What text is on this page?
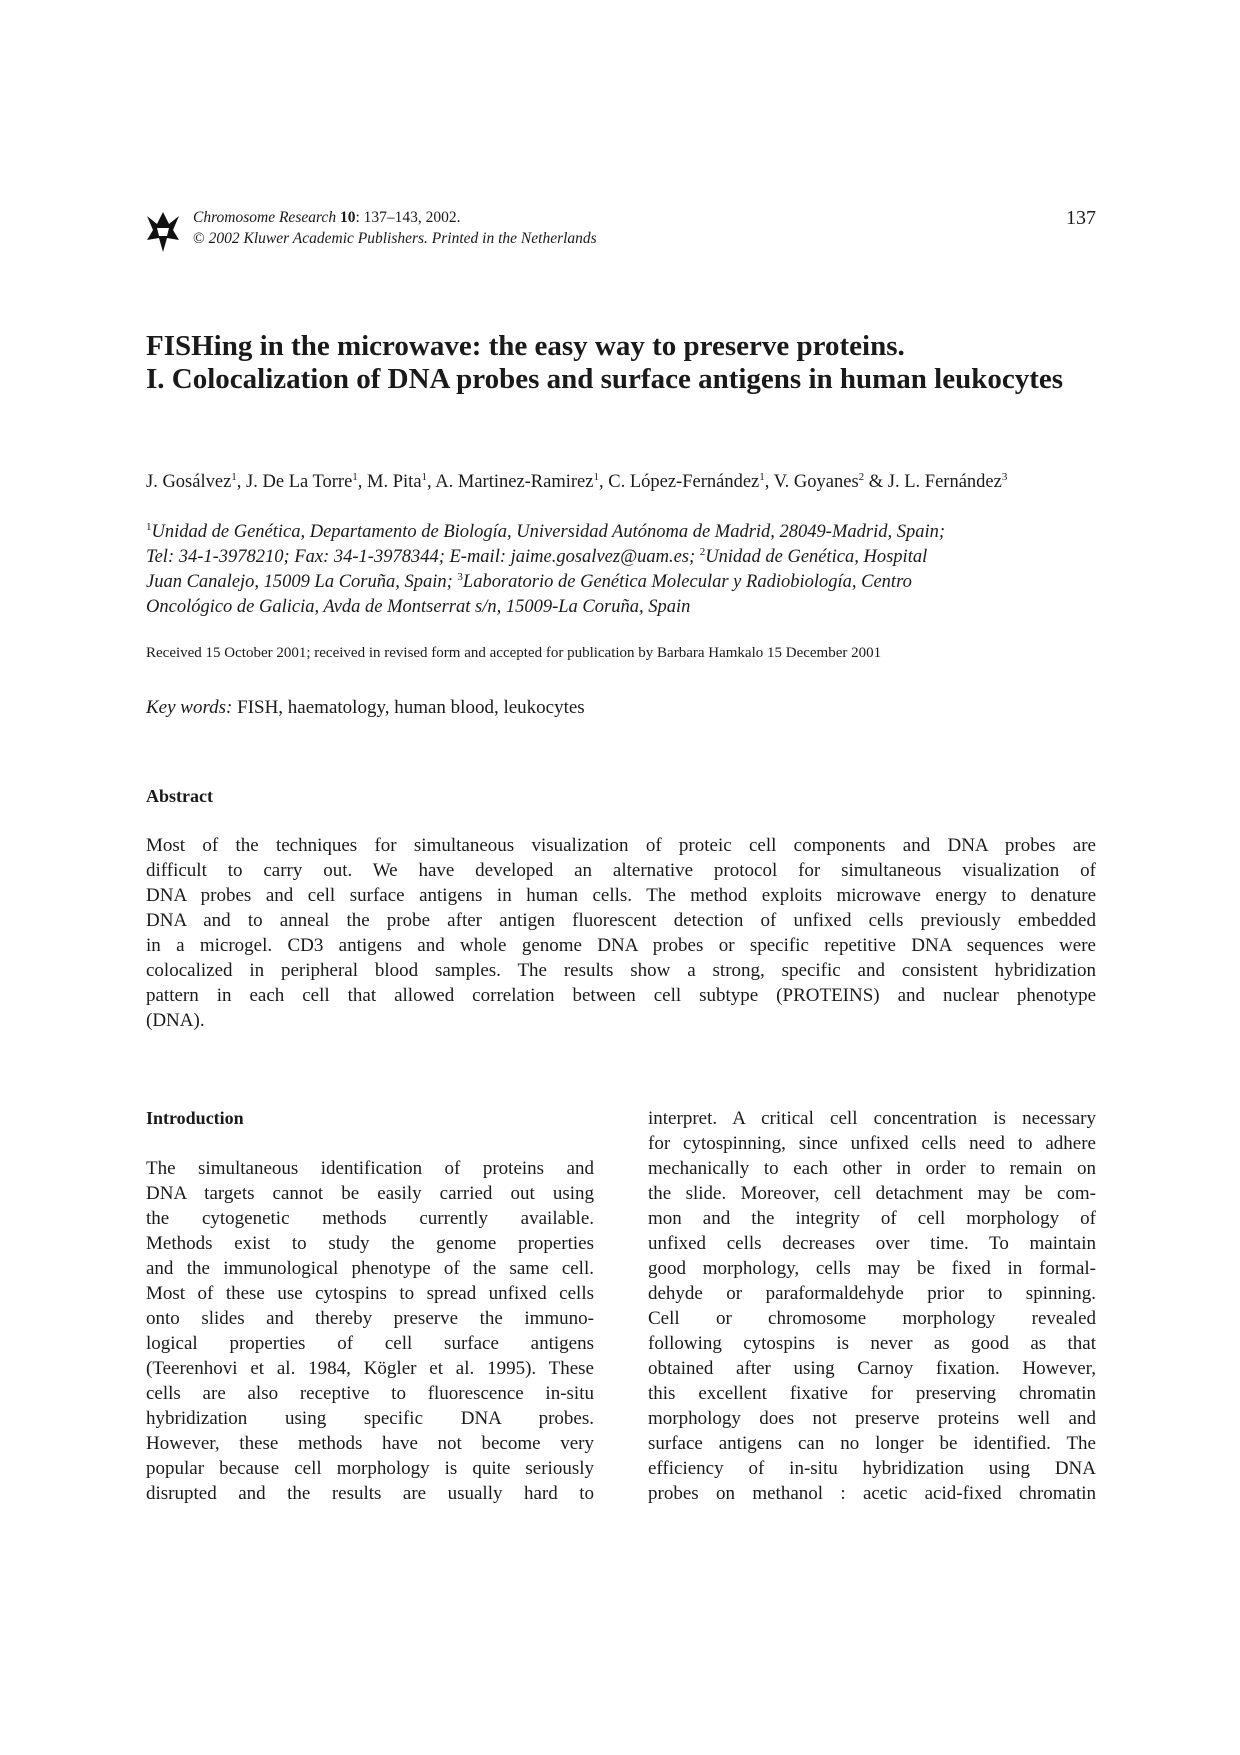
Chromosome Research 10: 137–143, 2002.
© 2002 Kluwer Academic Publishers. Printed in the Netherlands
137
FISHing in the microwave: the easy way to preserve proteins.
I. Colocalization of DNA probes and surface antigens in human leukocytes
J. Gosálvez$^1$, J. De La Torre$^1$, M. Pita$^1$, A. Martinez-Ramirez$^1$, C. López-Fernández$^1$, V. Goyanes$^2$ & J. L. Fernández$^3$
$^1$Unidad de Genética, Departamento de Biología, Universidad Autónoma de Madrid, 28049-Madrid, Spain;
Tel: 34-1-3978210; Fax: 34-1-3978344; E-mail: jaime.gosalvez@uam.es; $^2$Unidad de Genética, Hospital
Juan Canalejo, 15009 La Coruña, Spain; $^3$Laboratorio de Genética Molecular y Radiobiología, Centro
Oncológico de Galicia, Avda de Montserrat s/n, 15009-La Coruña, Spain
Received 15 October 2001; received in revised form and accepted for publication by Barbara Hamkalo 15 December 2001
Key words: FISH, haematology, human blood, leukocytes
Abstract
Most of the techniques for simultaneous visualization of proteic cell components and DNA probes are
difficult to carry out. We have developed an alternative protocol for simultaneous visualization of
DNA probes and cell surface antigens in human cells. The method exploits microwave energy to denature
DNA and to anneal the probe after antigen fluorescent detection of unfixed cells previously embedded
in a microgel. CD3 antigens and whole genome DNA probes or specific repetitive DNA sequences were
colocalized in peripheral blood samples. The results show a strong, specific and consistent hybridization
pattern in each cell that allowed correlation between cell subtype (PROTEINS) and nuclear phenotype
(DNA).
Introduction
The simultaneous identification of proteins and
DNA targets cannot be easily carried out using
the cytogenetic methods currently available.
Methods exist to study the genome properties
and the immunological phenotype of the same cell.
Most of these use cytospins to spread unfixed cells
onto slides and thereby preserve the immuno-
logical properties of cell surface antigens
(Teerenhovi et al. 1984, Kögler et al. 1995). These
cells are also receptive to fluorescence in-situ
hybridization using specific DNA probes.
However, these methods have not become very
popular because cell morphology is quite seriously
disrupted and the results are usually hard to
interpret. A critical cell concentration is necessary
for cytospinning, since unfixed cells need to adhere
mechanically to each other in order to remain on
the slide. Moreover, cell detachment may be com-
mon and the integrity of cell morphology of
unfixed cells decreases over time. To maintain
good morphology, cells may be fixed in formal-
dehyde or paraformaldehyde prior to spinning.
Cell or chromosome morphology revealed
following cytospins is never as good as that
obtained after using Carnoy fixation. However,
this excellent fixative for preserving chromatin
morphology does not preserve proteins well and
surface antigens can no longer be identified. The
efficiency of in-situ hybridization using DNA
probes on methanol : acetic acid-fixed chromatin
